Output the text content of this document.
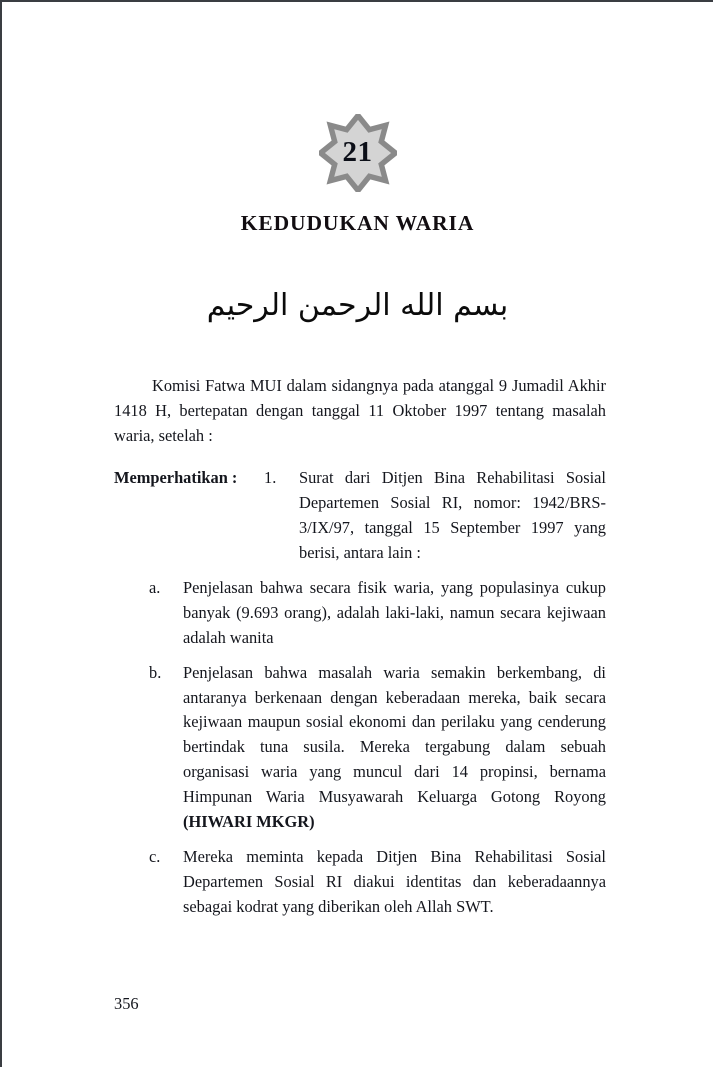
21
KEDUDUKAN WARIA
بسم الله الرحمن الرحيم

Komisi Fatwa MUI dalam sidangnya pada atanggal 9 Jumadil Akhir 1418 H, bertepatan dengan tanggal 11 Oktober 1997 tentang masalah waria, setelah :

Memperhatikan :	1.	Surat dari Ditjen Bina Rehabilitasi Sosial Departemen Sosial RI, nomor: 1942/BRS-3/IX/97, tanggal 15 September 1997 yang berisi, antara lain :
a.	Penjelasan bahwa secara fisik waria, yang populasinya cukup banyak (9.693 orang), adalah laki-laki, namun secara kejiwaan adalah wanita
b.	Penjelasan bahwa masalah waria semakin berkembang, di antaranya berkenaan dengan keberadaan mereka, baik secara kejiwaan maupun sosial ekonomi dan perilaku yang cenderung bertindak tuna susila. Mereka tergabung dalam sebuah organisasi waria yang muncul dari 14 propinsi, bernama Himpunan Waria Musyawarah Keluarga Gotong Royong (HIWARI MKGR)
c.	Mereka meminta kepada Ditjen Bina Rehabilitasi Sosial Departemen Sosial RI diakui identitas dan keberadaannya sebagai kodrat yang diberikan oleh Allah SWT.
356
